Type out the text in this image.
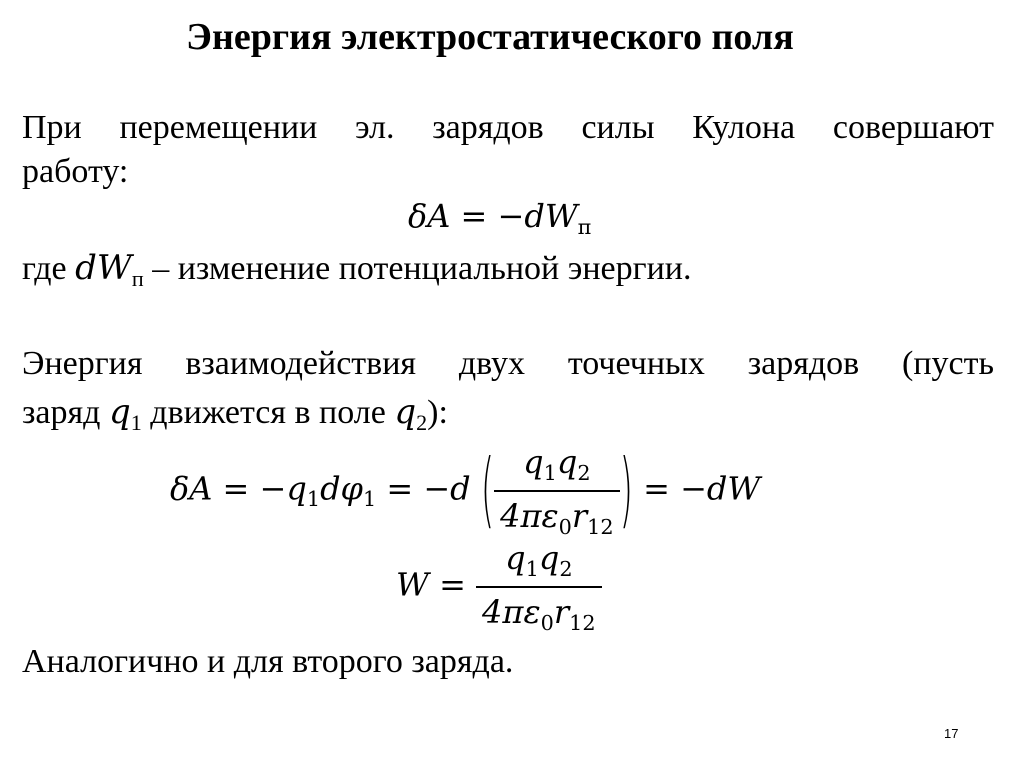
Энергия электростатического поля
При перемещении эл. зарядов силы Кулона совершают
работу:
$\delta A = -dW_п$
где $dW_п$ – изменение потенциальной энергии.
Энергия взаимодействия двух точечных зарядов (пусть
заряд $q_1$ движется в поле $q_2$):
$\delta A = -q_1d\varphi_1 = -d$ ( $\frac{q_1q_2}{4\pi\varepsilon_0r_{12}}$ ) = −dW
$W = \frac{q_1q_2}{4\pi\varepsilon_0r_{12}}$
Аналогично и для второго заряда.
17
